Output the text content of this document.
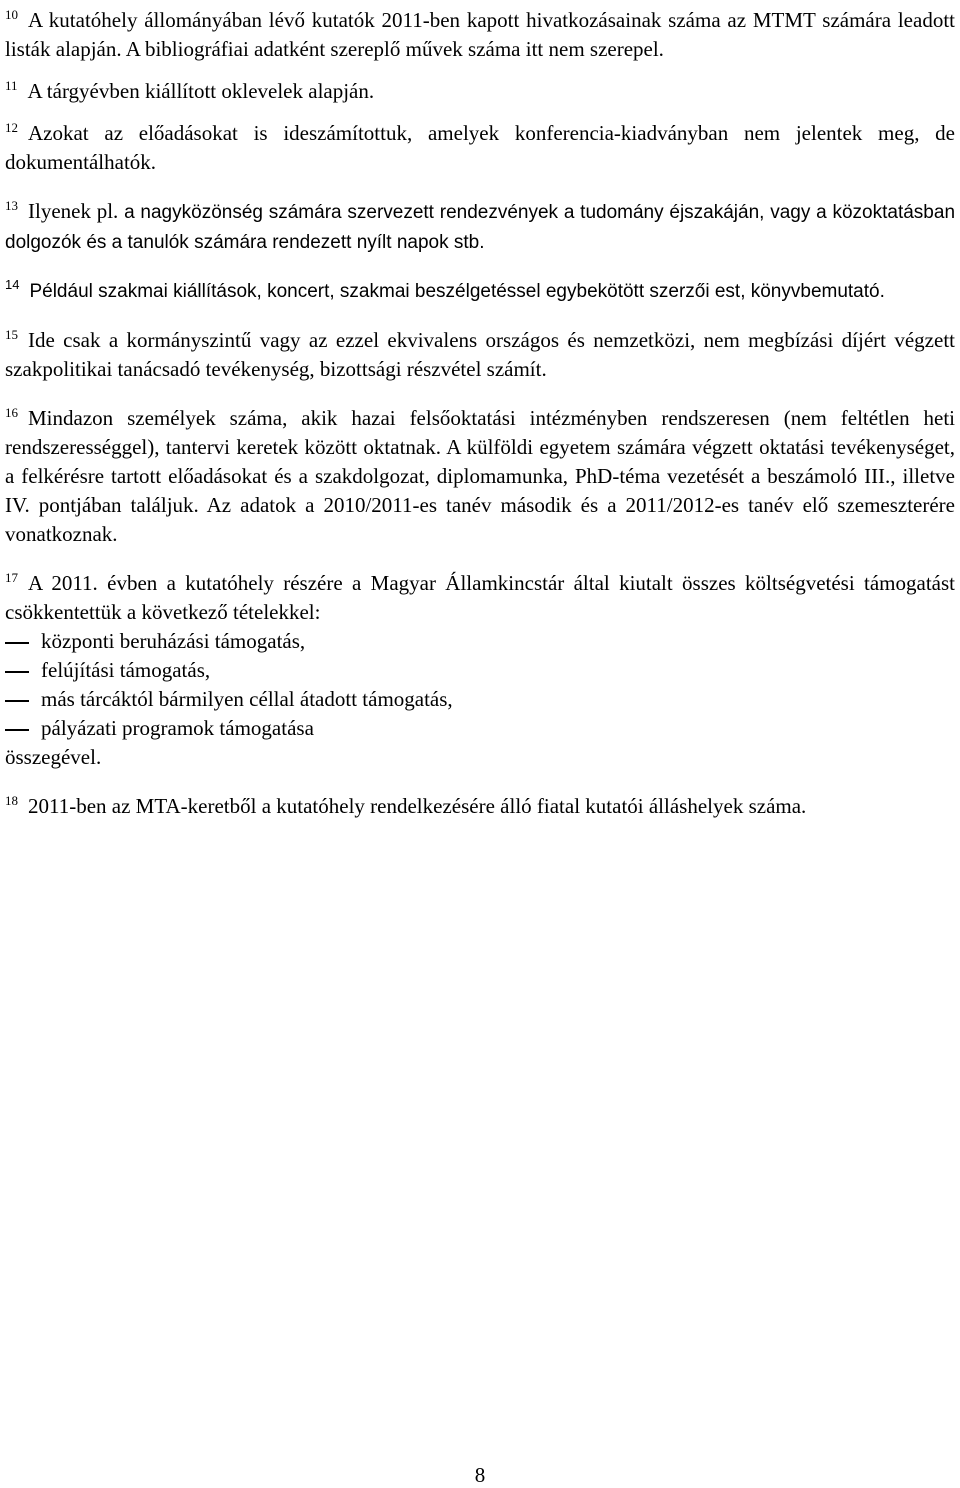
$^{10}$ A kutatóhely állományában lévő kutatók 2011-ben kapott hivatkozásainak száma az MTMT számára leadott listák alapján. A bibliográfiai adatként szereplő művek száma itt nem szerepel.

$^{11}$ A tárgyévben kiállított oklevelek alapján.

$^{12}$ Azokat az előadásokat is ideszámítottuk, amelyek konferencia-kiadványban nem jelentek meg, de dokumentálhatók.

$^{13}$ Ilyenek pl. a nagyközönség számára szervezett rendezvények a tudomány éjszakáján, vagy a közoktatásban dolgozók és a tanulók számára rendezett nyílt napok stb.

$^{14}$ Például szakmai kiállítások, koncert, szakmai beszélgetéssel egybekötött szerzői est, könyvbemutató.

$^{15}$ Ide csak a kormányszintű vagy az ezzel ekvivalens országos és nemzetközi, nem megbízási díjért végzett szakpolitikai tanácsadó tevékenység, bizottsági részvétel számít.

$^{16}$ Mindazon személyek száma, akik hazai felsőoktatási intézményben rendszeresen (nem feltétlen heti rendszerességgel), tantervi keretek között oktatnak. A külföldi egyetem számára végzett oktatási tevékenységet, a felkérésre tartott előadásokat és a szakdolgozat, diplomamunka, PhD-téma vezetését a beszámoló III., illetve IV. pontjában találjuk. Az adatok a 2010/2011-es tanév második és a 2011/2012-es tanév elő szemeszterére vonatkoznak.

$^{17}$ A 2011. évben a kutatóhely részére a Magyar Államkincstár által kiutalt összes költségvetési támogatást csökkentettük a következő tételekkel:

központi beruházási támogatás,
felújítási támogatás,
más tárcáktól bármilyen céllal átadott támogatás,
pályázati programok támogatása

összegével.

$^{18}$ 2011-ben az MTA-keretből a kutatóhely rendelkezésére álló fiatal kutatói álláshelyek száma.

8
